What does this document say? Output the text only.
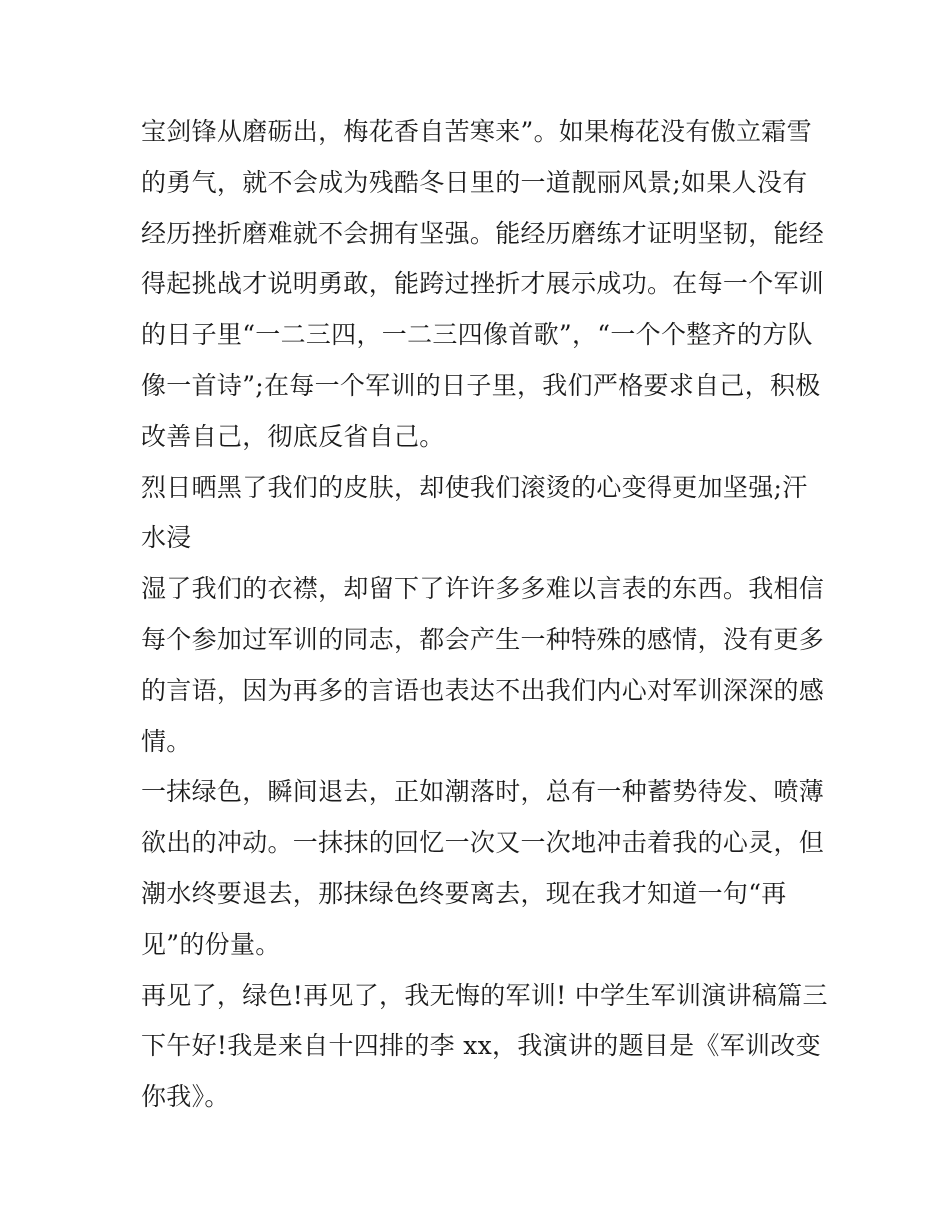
宝剑锋从磨砺出，梅花香自苦寒来”。如果梅花没有傲立霜雪
的勇气，就不会成为残酷冬日里的一道靓丽风景;如果人没有
经历挫折磨难就不会拥有坚强。能经历磨练才证明坚韧，能经
得起挑战才说明勇敢，能跨过挫折才展示成功。在每一个军训
的日子里“一二三四，一二三四像首歌”，“一个个整齐的方队
像一首诗”;在每一个军训的日子里，我们严格要求自己，积极
改善自己，彻底反省自己。
烈日晒黑了我们的皮肤，却使我们滚烫的心变得更加坚强;汗
水浸
湿了我们的衣襟，却留下了许许多多难以言表的东西。我相信
每个参加过军训的同志，都会产生一种特殊的感情，没有更多
的言语，因为再多的言语也表达不出我们内心对军训深深的感
情。
一抹绿色，瞬间退去，正如潮落时，总有一种蓄势待发、喷薄
欲出的冲动。一抹抹的回忆一次又一次地冲击着我的心灵，但
潮水终要退去，那抹绿色终要离去，现在我才知道一句“再
见”的份量。
再见了，绿色!再见了，我无悔的军训! 中学生军训演讲稿篇三
下午好!我是来自十四排的李 xx，我演讲的题目是《军训改变
你我》。
